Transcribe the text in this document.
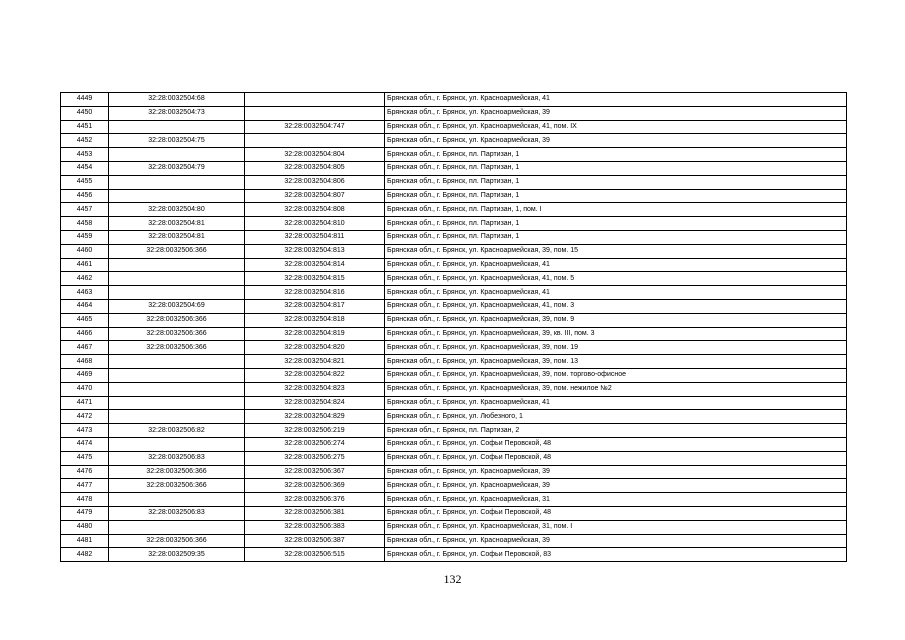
4449	32:28:0032504:68		Брянская обл., г. Брянск, ул. Красноармейская, 41
4450	32:28:0032504:73		Брянская обл., г. Брянск, ул. Красноармейская, 39
4451		32:28:0032504:747	Брянская обл., г. Брянск, ул. Красноармейская, 41, пом. IX
4452	32:28:0032504:75		Брянская обл., г. Брянск, ул. Красноармейская, 39
4453		32:28:0032504:804	Брянская обл., г. Брянск, пл. Партизан, 1
4454	32:28:0032504:79	32:28:0032504:805	Брянская обл., г. Брянск, пл. Партизан, 1
4455		32:28:0032504:806	Брянская обл., г. Брянск, пл. Партизан, 1
4456		32:28:0032504:807	Брянская обл., г. Брянск, пл. Партизан, 1
4457	32:28:0032504:80	32:28:0032504:808	Брянская обл., г. Брянск, пл. Партизан, 1, пом. I
4458	32:28:0032504:81	32:28:0032504:810	Брянская обл., г. Брянск, пл. Партизан, 1
4459	32:28:0032504:81	32:28:0032504:811	Брянская обл., г. Брянск, пл. Партизан, 1
4460	32:28:0032506:366	32:28:0032504:813	Брянская обл., г. Брянск, ул. Красноармейская, 39, пом. 15
4461		32:28:0032504:814	Брянская обл., г. Брянск, ул. Красноармейская, 41
4462		32:28:0032504:815	Брянская обл., г. Брянск, ул. Красноармейская, 41, пом. 5
4463		32:28:0032504:816	Брянская обл., г. Брянск, ул. Красноармейская, 41
4464	32:28:0032504:69	32:28:0032504:817	Брянская обл., г. Брянск, ул. Красноармейская, 41, пом. 3
4465	32:28:0032506:366	32:28:0032504:818	Брянская обл., г. Брянск, ул. Красноармейская, 39, пом. 9
4466	32:28:0032506:366	32:28:0032504:819	Брянская обл., г. Брянск, ул. Красноармейская, 39, кв. III, пом. 3
4467	32:28:0032506:366	32:28:0032504:820	Брянская обл., г. Брянск, ул. Красноармейская, 39, пом. 19
4468		32:28:0032504:821	Брянская обл., г. Брянск, ул. Красноармейская, 39, пом. 13
4469		32:28:0032504:822	Брянская обл., г. Брянск, ул. Красноармейская, 39, пом. торгово-офисное
4470		32:28:0032504:823	Брянская обл., г. Брянск, ул. Красноармейская, 39, пом. нежилое №2
4471		32:28:0032504:824	Брянская обл., г. Брянск, ул. Красноармейская, 41
4472		32:28:0032504:829	Брянская обл., г. Брянск, ул. Любезного, 1
4473	32:28:0032506:82	32:28:0032506:219	Брянская обл., г. Брянск, пл. Партизан, 2
4474		32:28:0032506:274	Брянская обл., г. Брянск, ул. Софьи Перовской, 48
4475	32:28:0032506:83	32:28:0032506:275	Брянская обл., г. Брянск, ул. Софьи Перовской, 48
4476	32:28:0032506:366	32:28:0032506:367	Брянская обл., г. Брянск, ул. Красноармейская, 39
4477	32:28:0032506:366	32:28:0032506:369	Брянская обл., г. Брянск, ул. Красноармейская, 39
4478		32:28:0032506:376	Брянская обл., г. Брянск, ул. Красноармейская, 31
4479	32:28:0032506:83	32:28:0032506:381	Брянская обл., г. Брянск, ул. Софьи Перовской, 48
4480		32:28:0032506:383	Брянская обл., г. Брянск, ул. Красноармейская, 31, пом. I
4481	32:28:0032506:366	32:28:0032506:387	Брянская обл., г. Брянск, ул. Красноармейская, 39
4482	32:28:0032509:35	32:28:0032506:515	Брянская обл., г. Брянск, ул. Софьи Перовской, 83
132
